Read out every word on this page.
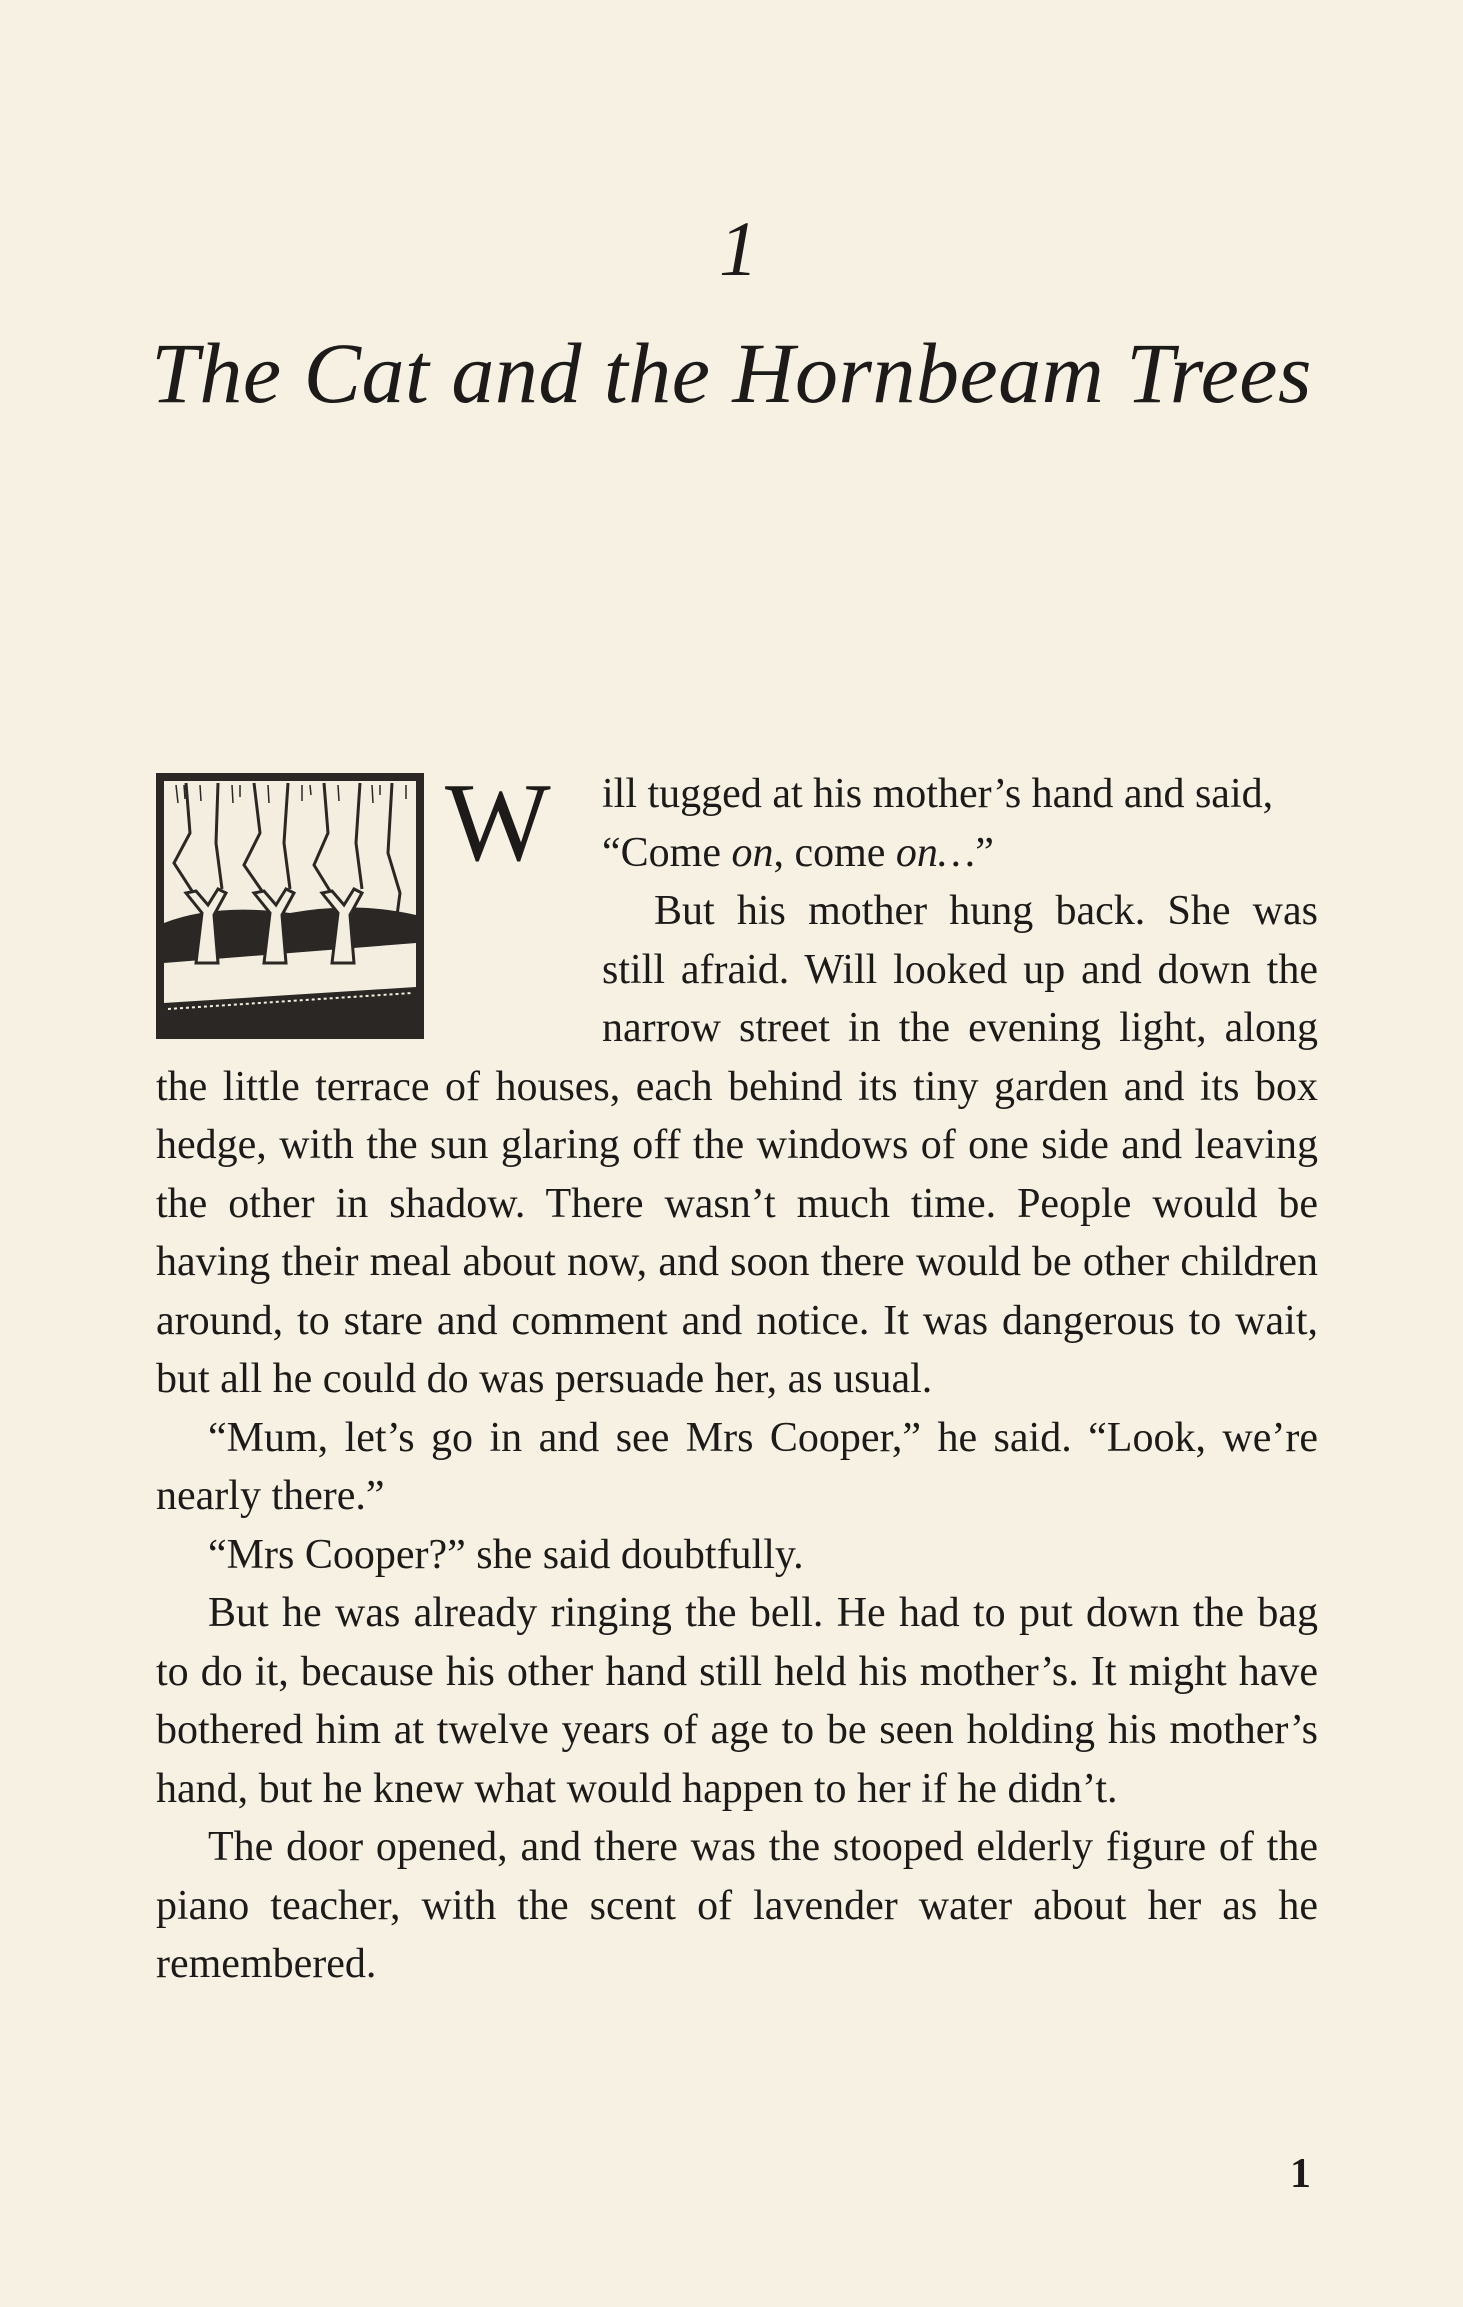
1
The Cat and the Hornbeam Trees
W	ill tugged at his mother’s hand and said,
“Come on, come on…”

But his mother hung back. She was still afraid. Will looked up and down the narrow street in the evening light, along the little terrace of houses, each behind its tiny garden and its box hedge, with the sun glaring off the windows of one side and leaving the other in shadow. There wasn’t much time. People would be having their meal about now, and soon there would be other children around, to stare and comment and notice. It was dangerous to wait, but all he could do was persuade her, as usual.

“Mum, let’s go in and see Mrs Cooper,” he said. “Look, we’re nearly there.”

“Mrs Cooper?” she said doubtfully.

But he was already ringing the bell. He had to put down the bag to do it, because his other hand still held his mother’s. It might have bothered him at twelve years of age to be seen holding his mother’s hand, but he knew what would happen to her if he didn’t.

The door opened, and there was the stooped elderly figure of the piano teacher, with the scent of lavender water about her as he remembered.

1
